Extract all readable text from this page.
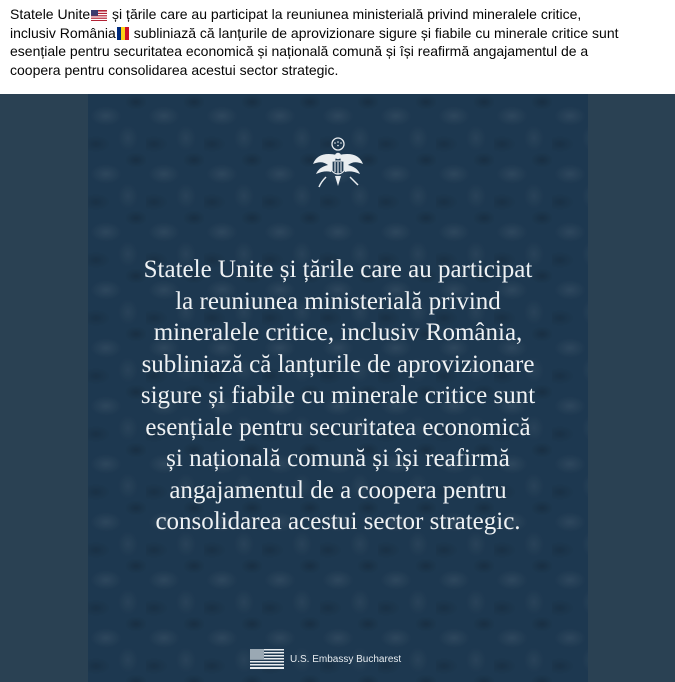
Statele Unite și țările care au participat la reuniunea ministerială privind mineralele critice,
inclusiv România subliniază că lanțurile de aprovizionare sigure și fiabile cu minerale critice sunt
esențiale pentru securitatea economică și națională comună și își reafirmă angajamentul de a
coopera pentru consolidarea acestui sector strategic.
Statele Unite și țările care au participat
la reuniunea ministerială privind
mineralele critice, inclusiv România,
subliniază că lanțurile de aprovizionare
sigure și fiabile cu minerale critice sunt
esențiale pentru securitatea economică
și națională comună și își reafirmă
angajamentul de a coopera pentru
consolidarea acestui sector strategic.
U.S. Embassy Bucharest
